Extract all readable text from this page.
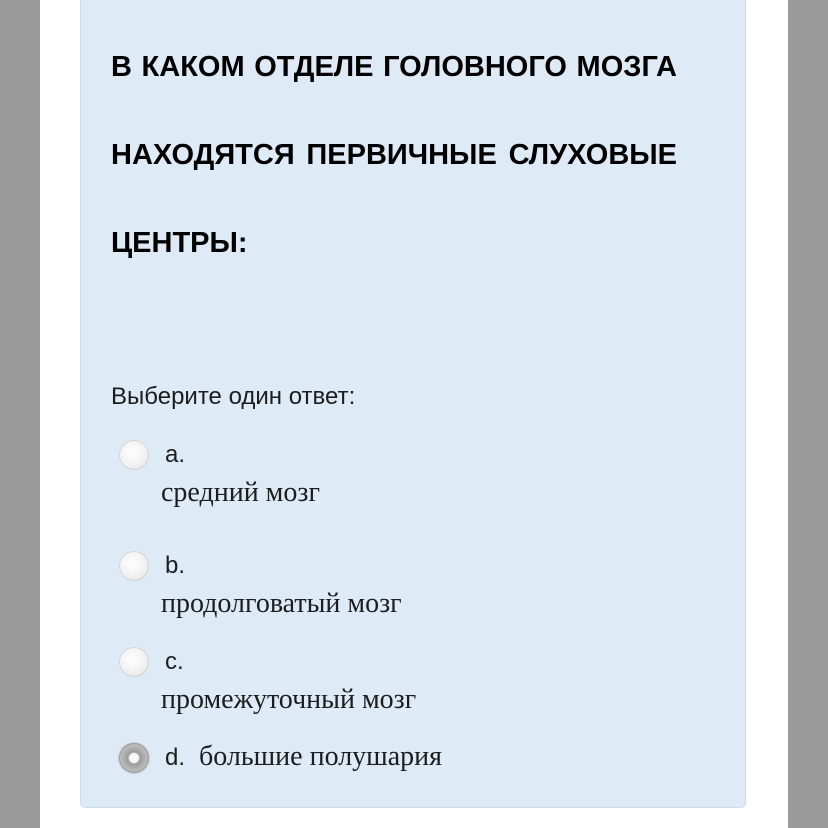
В КАКОМ ОТДЕЛЕ ГОЛОВНОГО МОЗГА НАХОДЯТСЯ ПЕРВИЧНЫЕ СЛУХОВЫЕ ЦЕНТРЫ:

Выберите один ответ:
a.
средний мозг
b.
продолговатый мозг
c.
промежуточный мозг
d. большие полушария
